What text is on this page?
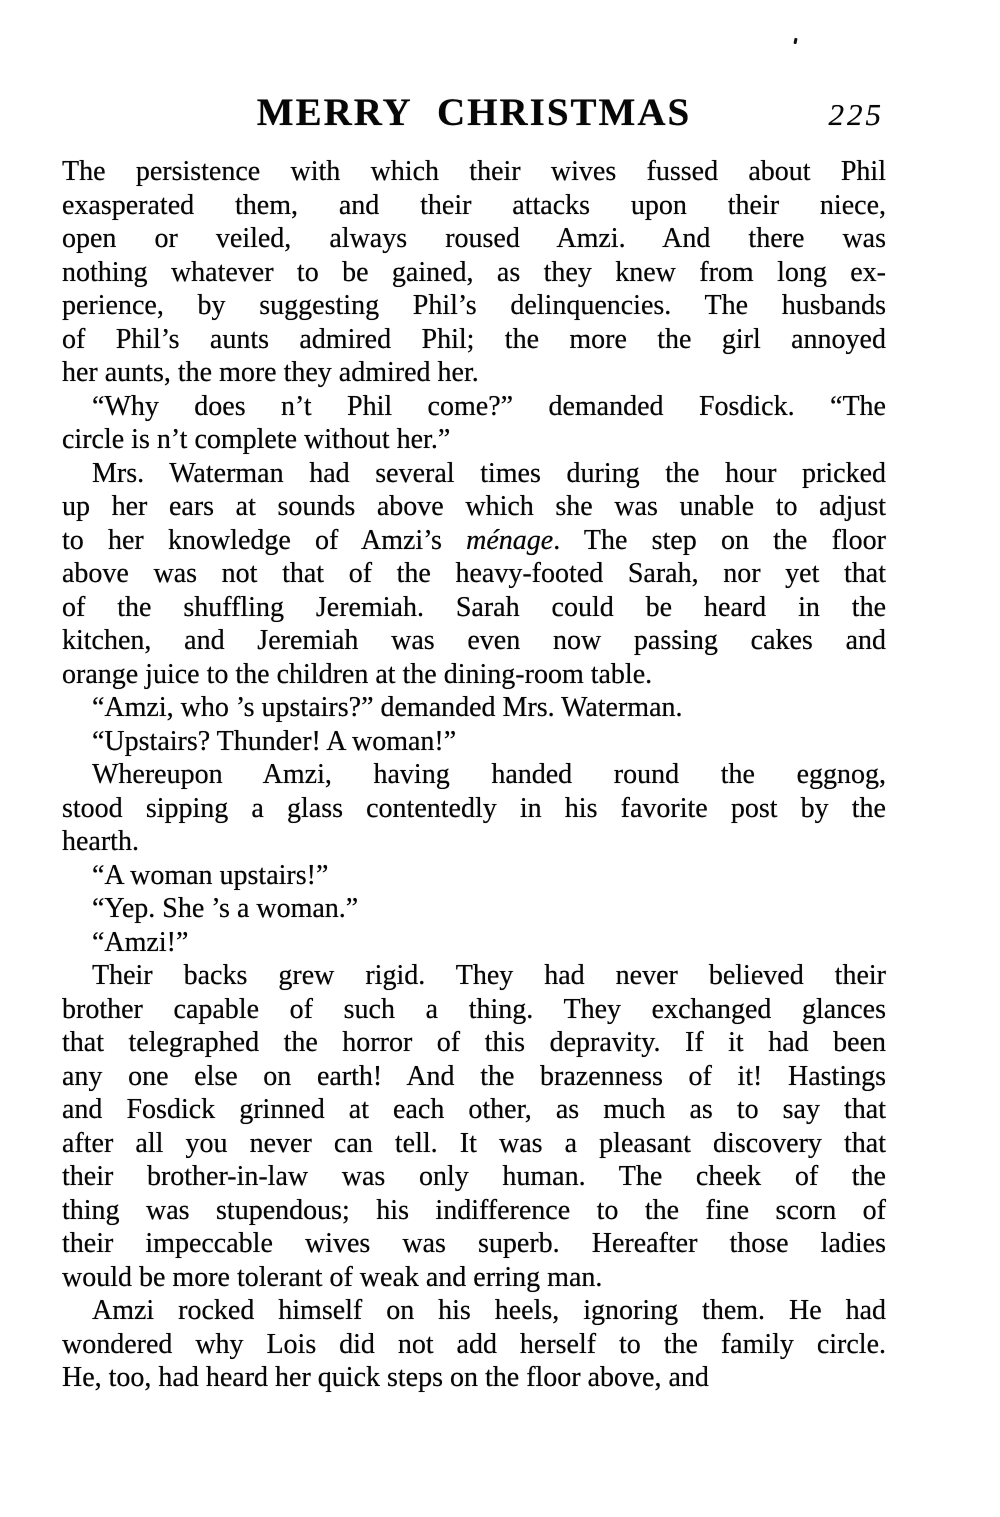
MERRY CHRISTMAS	225
The persistence with which their wives fussed about Phil
exasperated them, and their attacks upon their niece,
open or veiled, always roused Amzi. And there was
nothing whatever to be gained, as they knew from long ex-
perience, by suggesting Phil’s delinquencies. The husbands
of Phil’s aunts admired Phil; the more the girl annoyed
her aunts, the more they admired her.
“Why does n’t Phil come?” demanded Fosdick. “The
circle is n’t complete without her.”
Mrs. Waterman had several times during the hour pricked
up her ears at sounds above which she was unable to adjust
to her knowledge of Amzi’s ménage. The step on the floor
above was not that of the heavy-footed Sarah, nor yet that
of the shuffling Jeremiah. Sarah could be heard in the
kitchen, and Jeremiah was even now passing cakes and
orange juice to the children at the dining-room table.
“Amzi, who ’s upstairs?” demanded Mrs. Waterman.
“Upstairs? Thunder! A woman!”
Whereupon Amzi, having handed round the eggnog,
stood sipping a glass contentedly in his favorite post by the
hearth.
“A woman upstairs!”
“Yep. She ’s a woman.”
“Amzi!”
Their backs grew rigid. They had never believed their
brother capable of such a thing. They exchanged glances
that telegraphed the horror of this depravity. If it had been
any one else on earth! And the brazenness of it! Hastings
and Fosdick grinned at each other, as much as to say that
after all you never can tell. It was a pleasant discovery that
their brother-in-law was only human. The cheek of the
thing was stupendous; his indifference to the fine scorn of
their impeccable wives was superb. Hereafter those ladies
would be more tolerant of weak and erring man.
Amzi rocked himself on his heels, ignoring them. He had
wondered why Lois did not add herself to the family circle.
He, too, had heard her quick steps on the floor above, and
